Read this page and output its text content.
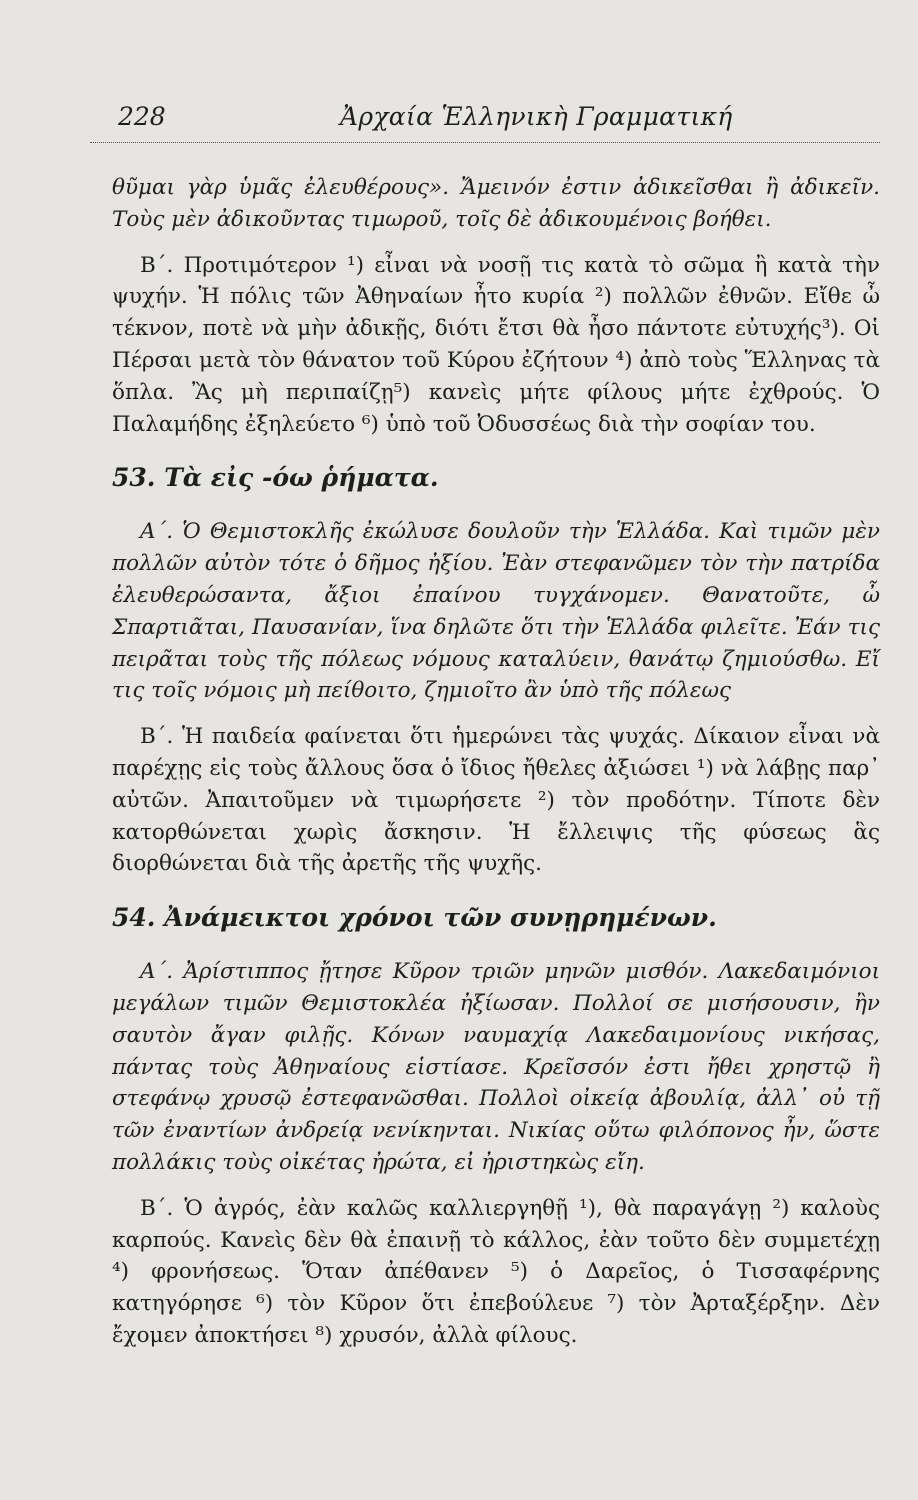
228	Ἀρχαία Ἑλληνικὴ Γραμματική

θῦμαι γὰρ ὑμᾶς ἐλευθέρους». Ἄμεινόν ἐστιν ἀδικεῖσθαι ἢ ἀδικεῖν. Τοὺς μὲν ἀδικοῦντας τιμωροῦ, τοῖς δὲ ἀδικουμένοις βοήθει.

Β΄. Προτιμότερον ¹) εἶναι νὰ νοσῇ τις κατὰ τὸ σῶμα ἢ κατὰ τὴν ψυχήν. Ἡ πόλις τῶν Ἀθηναίων ἦτο κυρία ²) πολλῶν ἐθνῶν. Εἴθε ὦ τέκνον, ποτὲ νὰ μὴν ἀδικῇς, διότι ἔτσι θὰ ἦσο πάντοτε εὐτυχής³). Οἱ Πέρσαι μετὰ τὸν θάνατον τοῦ Κύρου ἐζήτουν ⁴) ἀπὸ τοὺς Ἕλληνας τὰ ὅπλα. Ἂς μὴ περιπαίζῃ⁵) κανεὶς μήτε φίλους μήτε ἐχθρούς. Ὁ Παλαμήδης ἐξηλεύετο ⁶) ὑπὸ τοῦ Ὀδυσσέως διὰ τὴν σοφίαν του.

53. Τὰ εἰς -όω ῥήματα.

Α΄. Ὁ Θεμιστοκλῆς ἐκώλυσε δουλοῦν τὴν Ἑλλάδα. Καὶ τιμῶν μὲν πολλῶν αὐτὸν τότε ὁ δῆμος ἠξίου. Ἐὰν στεφανῶμεν τὸν τὴν πατρίδα ἐλευθερώσαντα, ἄξιοι ἐπαίνου τυγχάνομεν. Θανατοῦτε, ὦ Σπαρτιᾶται, Παυσανίαν, ἵνα δηλῶτε ὅτι τὴν Ἑλλάδα φιλεῖτε. Ἐάν τις πειρᾶται τοὺς τῆς πόλεως νόμους καταλύειν, θανάτῳ ζημιούσθω. Εἴ τις τοῖς νόμοις μὴ πείθοιτο, ζημιοῖτο ἂν ὑπὸ τῆς πόλεως

Β΄. Ἡ παιδεία φαίνεται ὅτι ἡμερώνει τὰς ψυχάς. Δίκαιον εἶναι νὰ παρέχῃς εἰς τοὺς ἄλλους ὅσα ὁ ἴδιος ἤθελες ἀξιώσει ¹) νὰ λάβῃς παρ᾽ αὐτῶν. Ἀπαιτοῦμεν νὰ τιμωρήσετε ²) τὸν προδότην. Τίποτε δὲν κατορθώνεται χωρὶς ἄσκησιν. Ἡ ἔλλειψις τῆς φύσεως ἃς διορθώνεται διὰ τῆς ἀρετῆς τῆς ψυχῆς.

54. Ἀνάμεικτοι χρόνοι τῶν συνῃρημένων.

Α΄. Ἀρίστιππος ᾔτησε Κῦρον τριῶν μηνῶν μισθόν. Λακεδαιμόνιοι μεγάλων τιμῶν Θεμιστοκλέα ἠξίωσαν. Πολλοί σε μισήσουσιν, ἢν σαυτὸν ἄγαν φιλῇς. Κόνων ναυμαχίᾳ Λακεδαιμονίους νικήσας, πάντας τοὺς Ἀθηναίους εἱστίασε. Κρεῖσσόν ἐστι ἤθει χρηστῷ ἢ στεφάνῳ χρυσῷ ἐστεφανῶσθαι. Πολλοὶ οἰκείᾳ ἀβουλίᾳ, ἀλλ᾽ οὐ τῇ τῶν ἐναντίων ἀνδρείᾳ νενίκηνται. Νικίας οὕτω φιλόπονος ἦν, ὥστε πολλάκις τοὺς οἰκέτας ἠρώτα, εἰ ἠριστηκὼς εἴη.

Β΄. Ὁ ἀγρός, ἐὰν καλῶς καλλιεργηθῇ ¹), θὰ παραγάγῃ ²) καλοὺς καρπούς. Κανεὶς δὲν θὰ ἐπαινῇ τὸ κάλλος, ἐὰν τοῦτο δὲν συμμετέχῃ ⁴) φρονήσεως. Ὅταν ἀπέθανεν ⁵) ὁ Δαρεῖος, ὁ Τισσαφέρνης κατηγόρησε ⁶) τὸν Κῦρον ὅτι ἐπεβούλευε ⁷) τὸν Ἀρταξέρξην. Δὲν ἔχομεν ἀποκτήσει ⁸) χρυσόν, ἀλλὰ φίλους.
